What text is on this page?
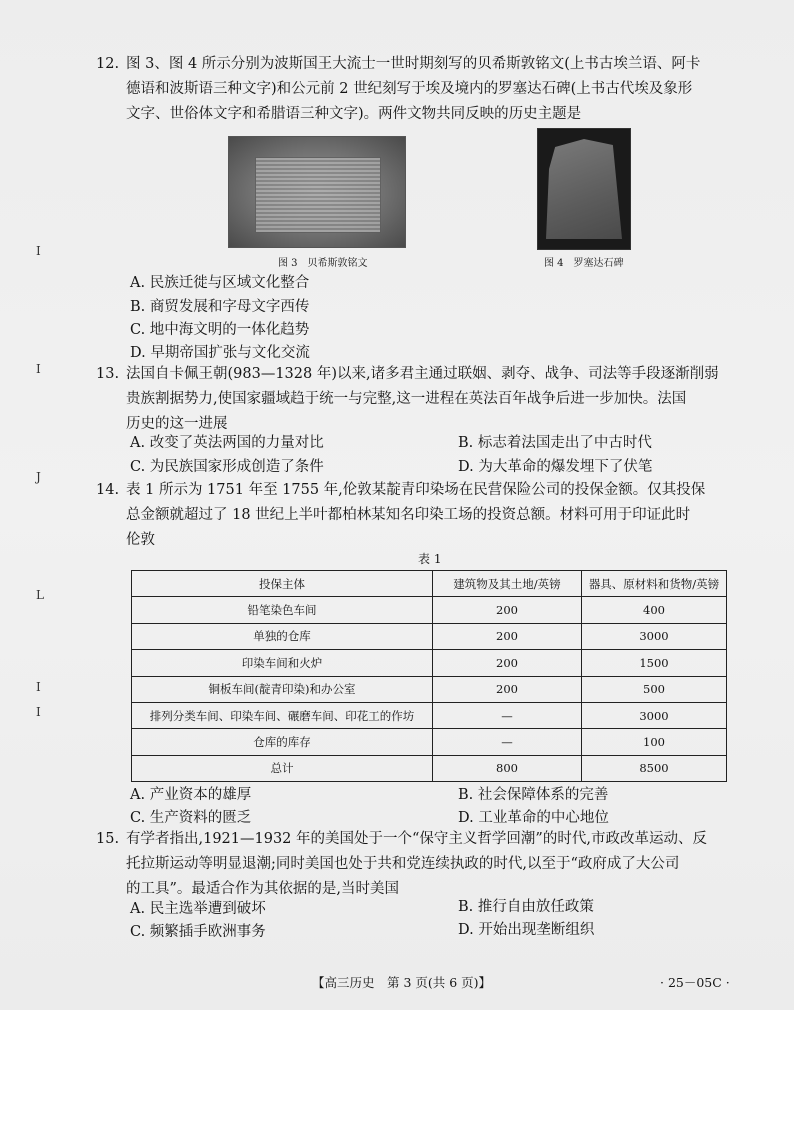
I
I
J
L
I
I
12. 图 3、图 4 所示分别为波斯国王大流士一世时期刻写的贝希斯敦铭文(上书古埃兰语、阿卡
德语和波斯语三种文字)和公元前 2 世纪刻写于埃及境内的罗塞达石碑(上书古代埃及象形
文字、世俗体文字和希腊语三种文字)。两件文物共同反映的历史主题是
图 3　贝希斯敦铭文	图 4　罗塞达石碑
A. 民族迁徙与区域文化整合
B. 商贸发展和字母文字西传
C. 地中海文明的一体化趋势
D. 早期帝国扩张与文化交流
13. 法国自卡佩王朝(983—1328 年)以来,诸多君主通过联姻、剥夺、战争、司法等手段逐渐削弱
贵族割据势力,使国家疆域趋于统一与完整,这一进程在英法百年战争后进一步加快。法国
历史的这一进展
A. 改变了英法两国的力量对比	B. 标志着法国走出了中古时代
C. 为民族国家形成创造了条件	D. 为大革命的爆发埋下了伏笔
14. 表 1 所示为 1751 年至 1755 年,伦敦某靛青印染场在民营保险公司的投保金额。仅其投保
总金额就超过了 18 世纪上半叶都柏林某知名印染工场的投资总额。材料可用于印证此时
伦敦
表 1
投保主体	建筑物及其土地/英镑	器具、原材料和货物/英镑
铅笔染色车间	200	400
单独的仓库	200	3000
印染车间和火炉	200	1500
铜板车间(靛青印染)和办公室	200	500
排列分类车间、印染车间、碾磨车间、印花工的作坊	—	3000
仓库的库存	—	100
总计	800	8500
A. 产业资本的雄厚	B. 社会保障体系的完善
C. 生产资料的匮乏	D. 工业革命的中心地位
15. 有学者指出,1921—1932 年的美国处于一个“保守主义哲学回潮”的时代,市政改革运动、反
托拉斯运动等明显退潮;同时美国也处于共和党连续执政的时代,以至于“政府成了大公司
的工具”。最适合作为其依据的是,当时美国
A. 民主选举遭到破坏	B. 推行自由放任政策
C. 频繁插手欧洲事务	D. 开始出现垄断组织
【高三历史　第 3 页(共 6 页)】	· 25－05C ·
